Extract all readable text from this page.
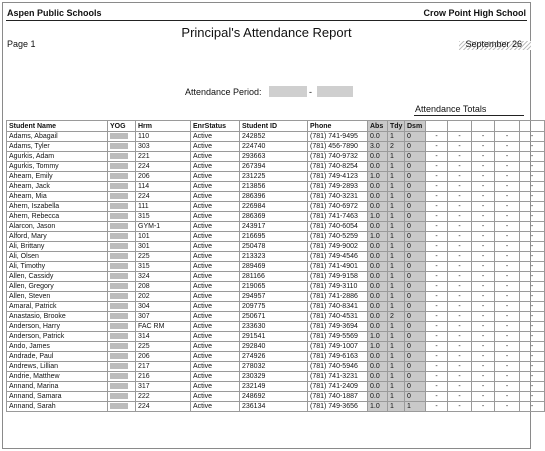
Aspen Public Schools	Crow Point High School
Principal's Attendance Report
Page 1	September 26
Attendance Period:	-
Attendance Totals
Student Name	YOG	Hrm	EnrStatus	Student ID	Phone	Abs	Tdy	Dsm					
Adams, Abagail		110	Active	242852	(781) 741-9495	0.0	1	0	-	-	-	-	-
Adams, Tyler		303	Active	224740	(781) 456-7890	3.0	2	0	-	-	-	-	-
Agurkis, Adam		221	Active	293663	(781) 740-9732	0.0	1	0	-	-	-	-	-
Agurkis, Tommy		224	Active	267394	(781) 740-8254	0.0	1	0	-	-	-	-	-
Ahearn, Emily		206	Active	231225	(781) 749-4123	1.0	1	0	-	-	-	-	-
Ahearn, Jack		114	Active	213856	(781) 749-2893	0.0	1	0	-	-	-	-	-
Ahearn, Mia		224	Active	286396	(781) 740-3231	0.0	1	0	-	-	-	-	-
Ahern, Iszabella		111	Active	226984	(781) 740-6972	0.0	1	0	-	-	-	-	-
Ahern, Rebecca		315	Active	286369	(781) 741-7463	1.0	1	0	-	-	-	-	-
Alarcon, Jason		GYM-1	Active	243917	(781) 740-6054	0.0	1	0	-	-	-	-	-
Alford, Mary		101	Active	216695	(781) 740-5259	1.0	1	0	-	-	-	-	-
Ali, Brittany		301	Active	250478	(781) 749-9002	0.0	1	0	-	-	-	-	-
Ali, Olsen		225	Active	213323	(781) 749-4546	0.0	1	0	-	-	-	-	-
Ali, Timothy		315	Active	289469	(781) 741-4901	0.0	1	0	-	-	-	-	-
Allen, Cassidy		324	Active	281166	(781) 749-9158	0.0	1	0	-	-	-	-	-
Allen, Gregory		208	Active	219065	(781) 749-3110	0.0	1	0	-	-	-	-	-
Allen, Steven		202	Active	294957	(781) 741-2886	0.0	1	0	-	-	-	-	-
Amaral, Patrick		304	Active	209775	(781) 740-8341	0.0	1	0	-	-	-	-	-
Anastasio, Brooke		307	Active	250671	(781) 740-4531	0.0	2	0	-	-	-	-	-
Anderson, Harry		FAC RM	Active	233630	(781) 749-3694	0.0	1	0	-	-	-	-	-
Anderson, Patrick		314	Active	291541	(781) 749-5569	1.0	1	0	-	-	-	-	-
Ando, James		225	Active	292840	(781) 749-1007	1.0	1	0	-	-	-	-	-
Andrade, Paul		206	Active	274926	(781) 749-6163	0.0	1	0	-	-	-	-	-
Andrews, Lillian		217	Active	278032	(781) 740-5946	0.0	1	0	-	-	-	-	-
Andrie, Matthew		216	Active	230329	(781) 741-3231	0.0	1	0	-	-	-	-	-
Annand, Marina		317	Active	232149	(781) 741-2409	0.0	1	0	-	-	-	-	-
Annand, Samara		222	Active	248692	(781) 740-1887	0.0	1	0	-	-	-	-	-
Annand, Sarah		224	Active	236134	(781) 749-3656	1.0	1	1	-	-	-	-	-
